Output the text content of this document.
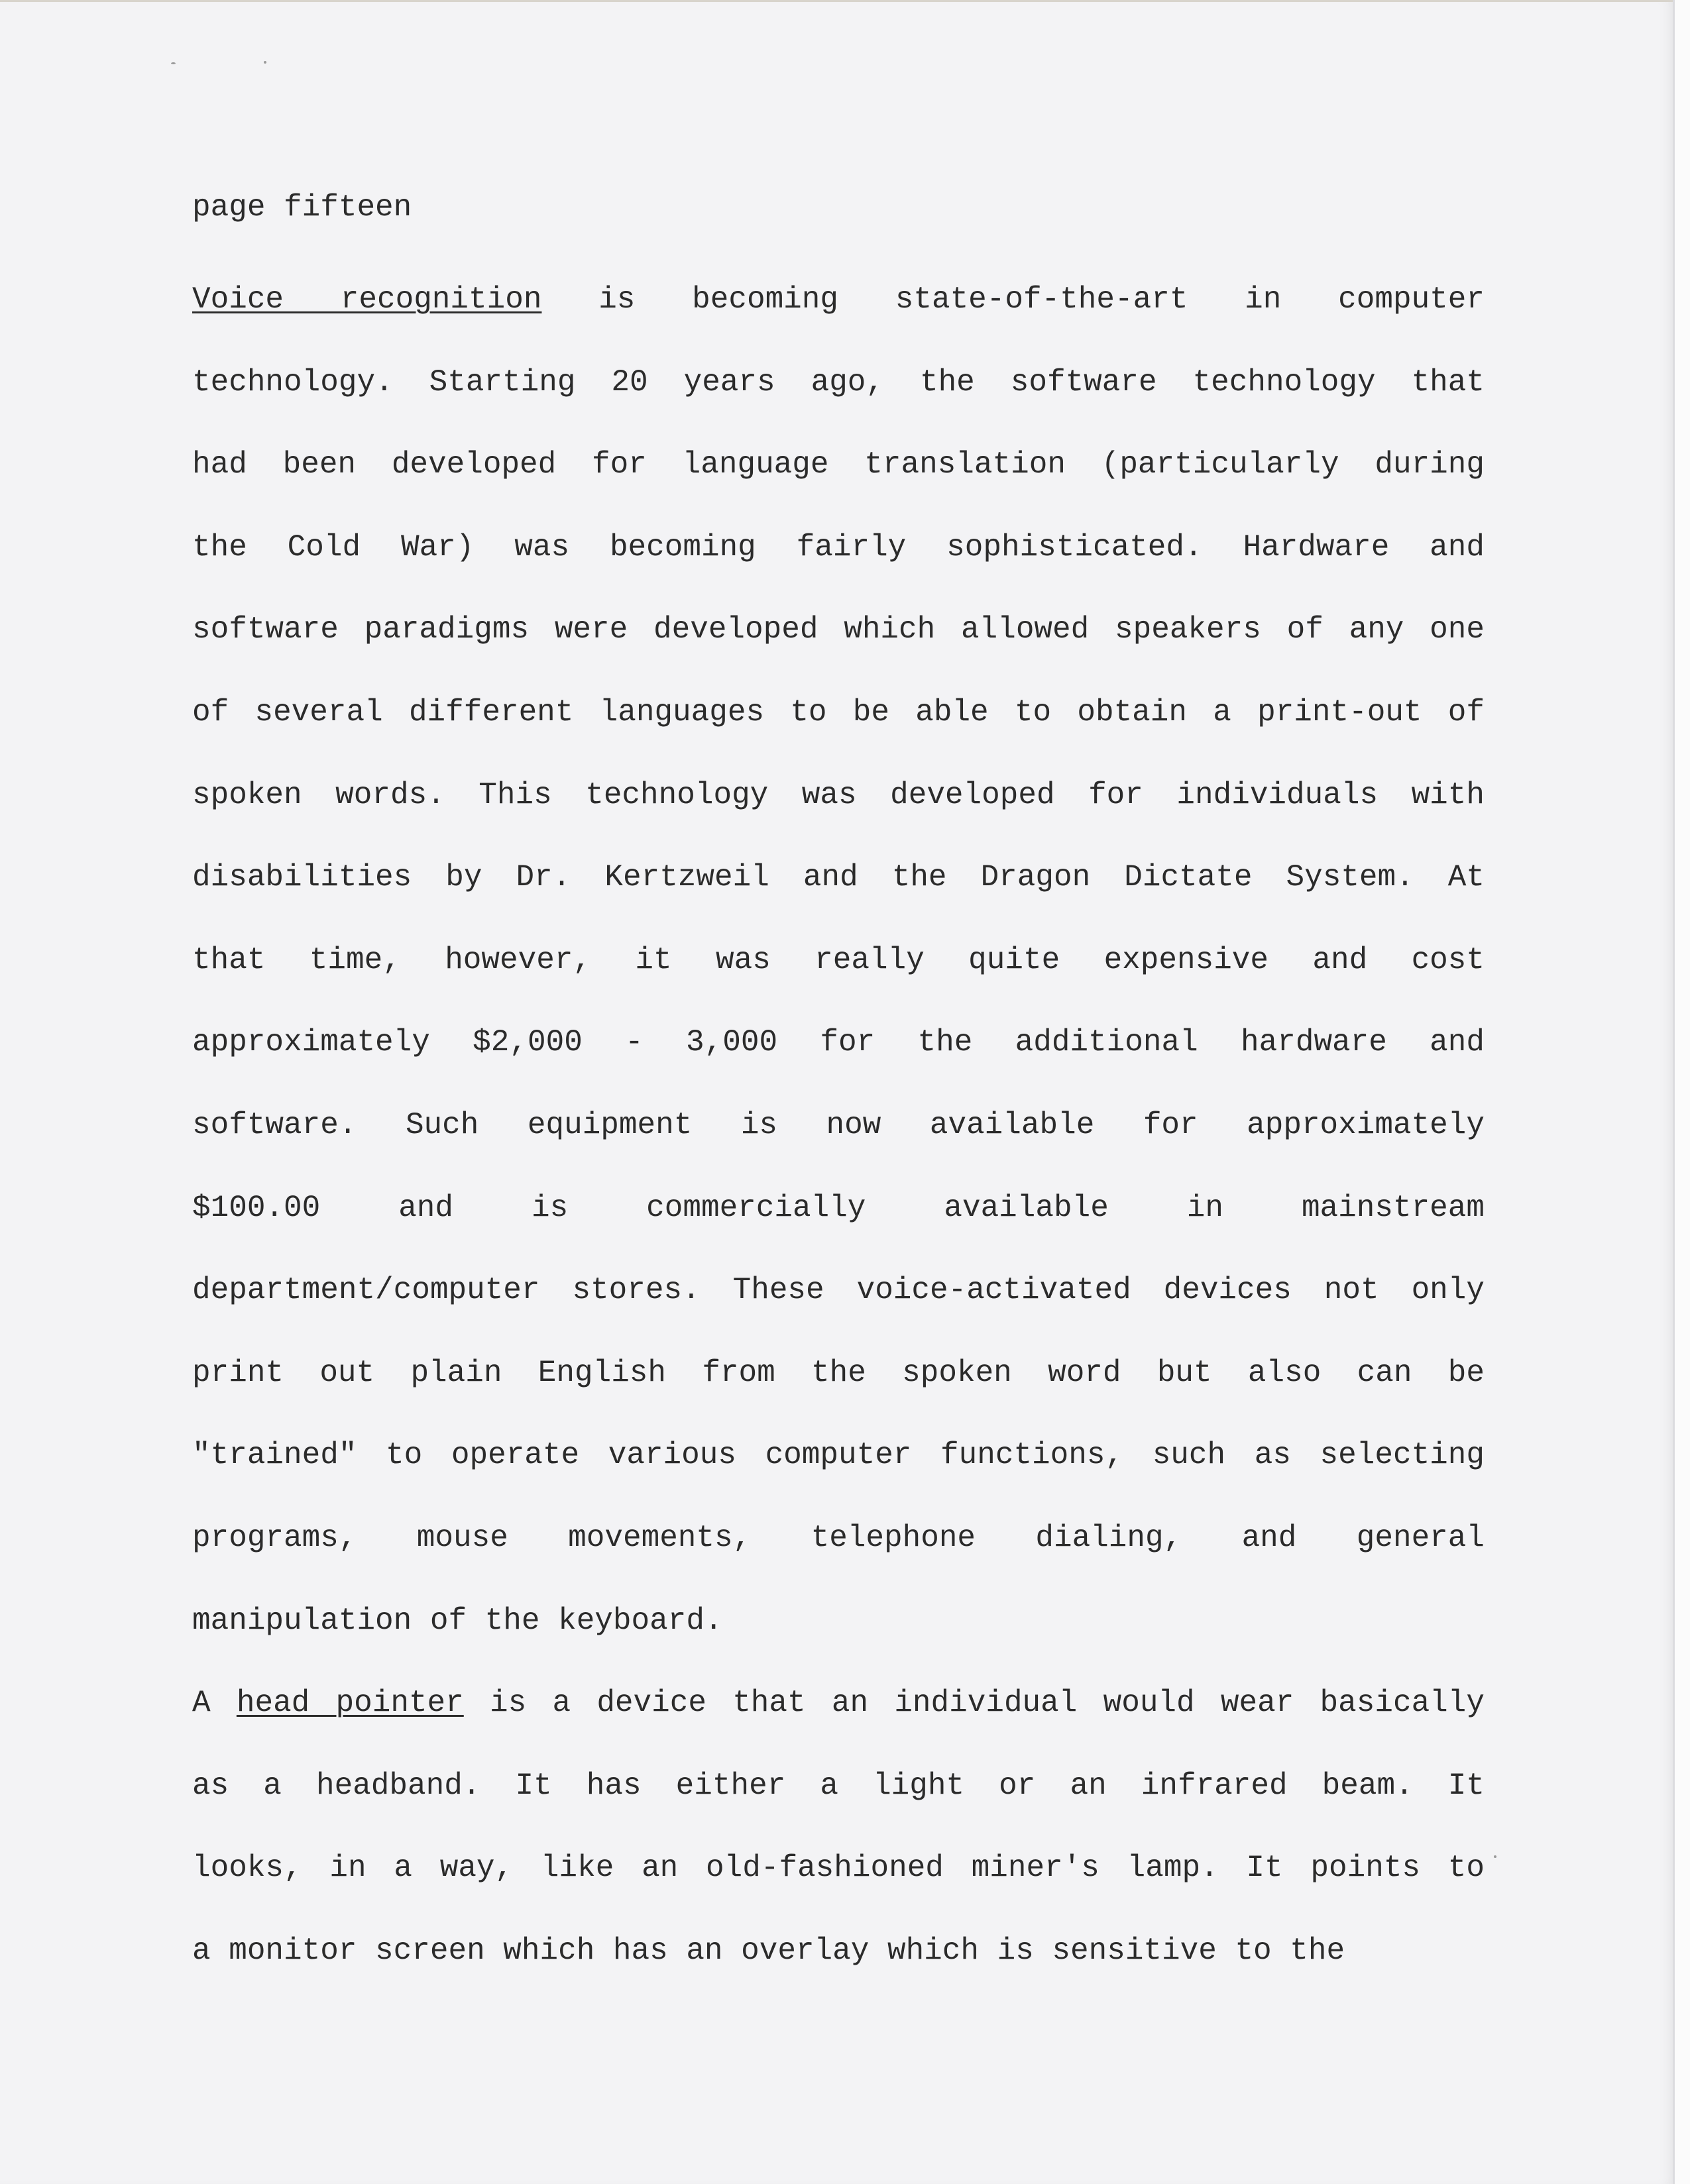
page fifteen
Voice recognition is becoming state-of-the-art in computer
technology. Starting 20 years ago, the software technology that
had been developed for language translation (particularly during
the Cold War) was becoming fairly sophisticated. Hardware and
software paradigms were developed which allowed speakers of any one
of several different languages to be able to obtain a print-out of
spoken words. This technology was developed for individuals with
disabilities by Dr. Kertzweil and the Dragon Dictate System. At
that time, however, it was really quite expensive and cost
approximately $2,000 - 3,000 for the additional hardware and
software. Such equipment is now available for approximately
$100.00 and is commercially available in mainstream
department/computer stores. These voice-activated devices not only
print out plain English from the spoken word but also can be
"trained" to operate various computer functions, such as selecting
programs, mouse movements, telephone dialing, and general
manipulation of the keyboard.
A head pointer is a device that an individual would wear basically
as a headband. It has either a light or an infrared beam. It
looks, in a way, like an old-fashioned miner's lamp. It points to
a monitor screen which has an overlay which is sensitive to the
